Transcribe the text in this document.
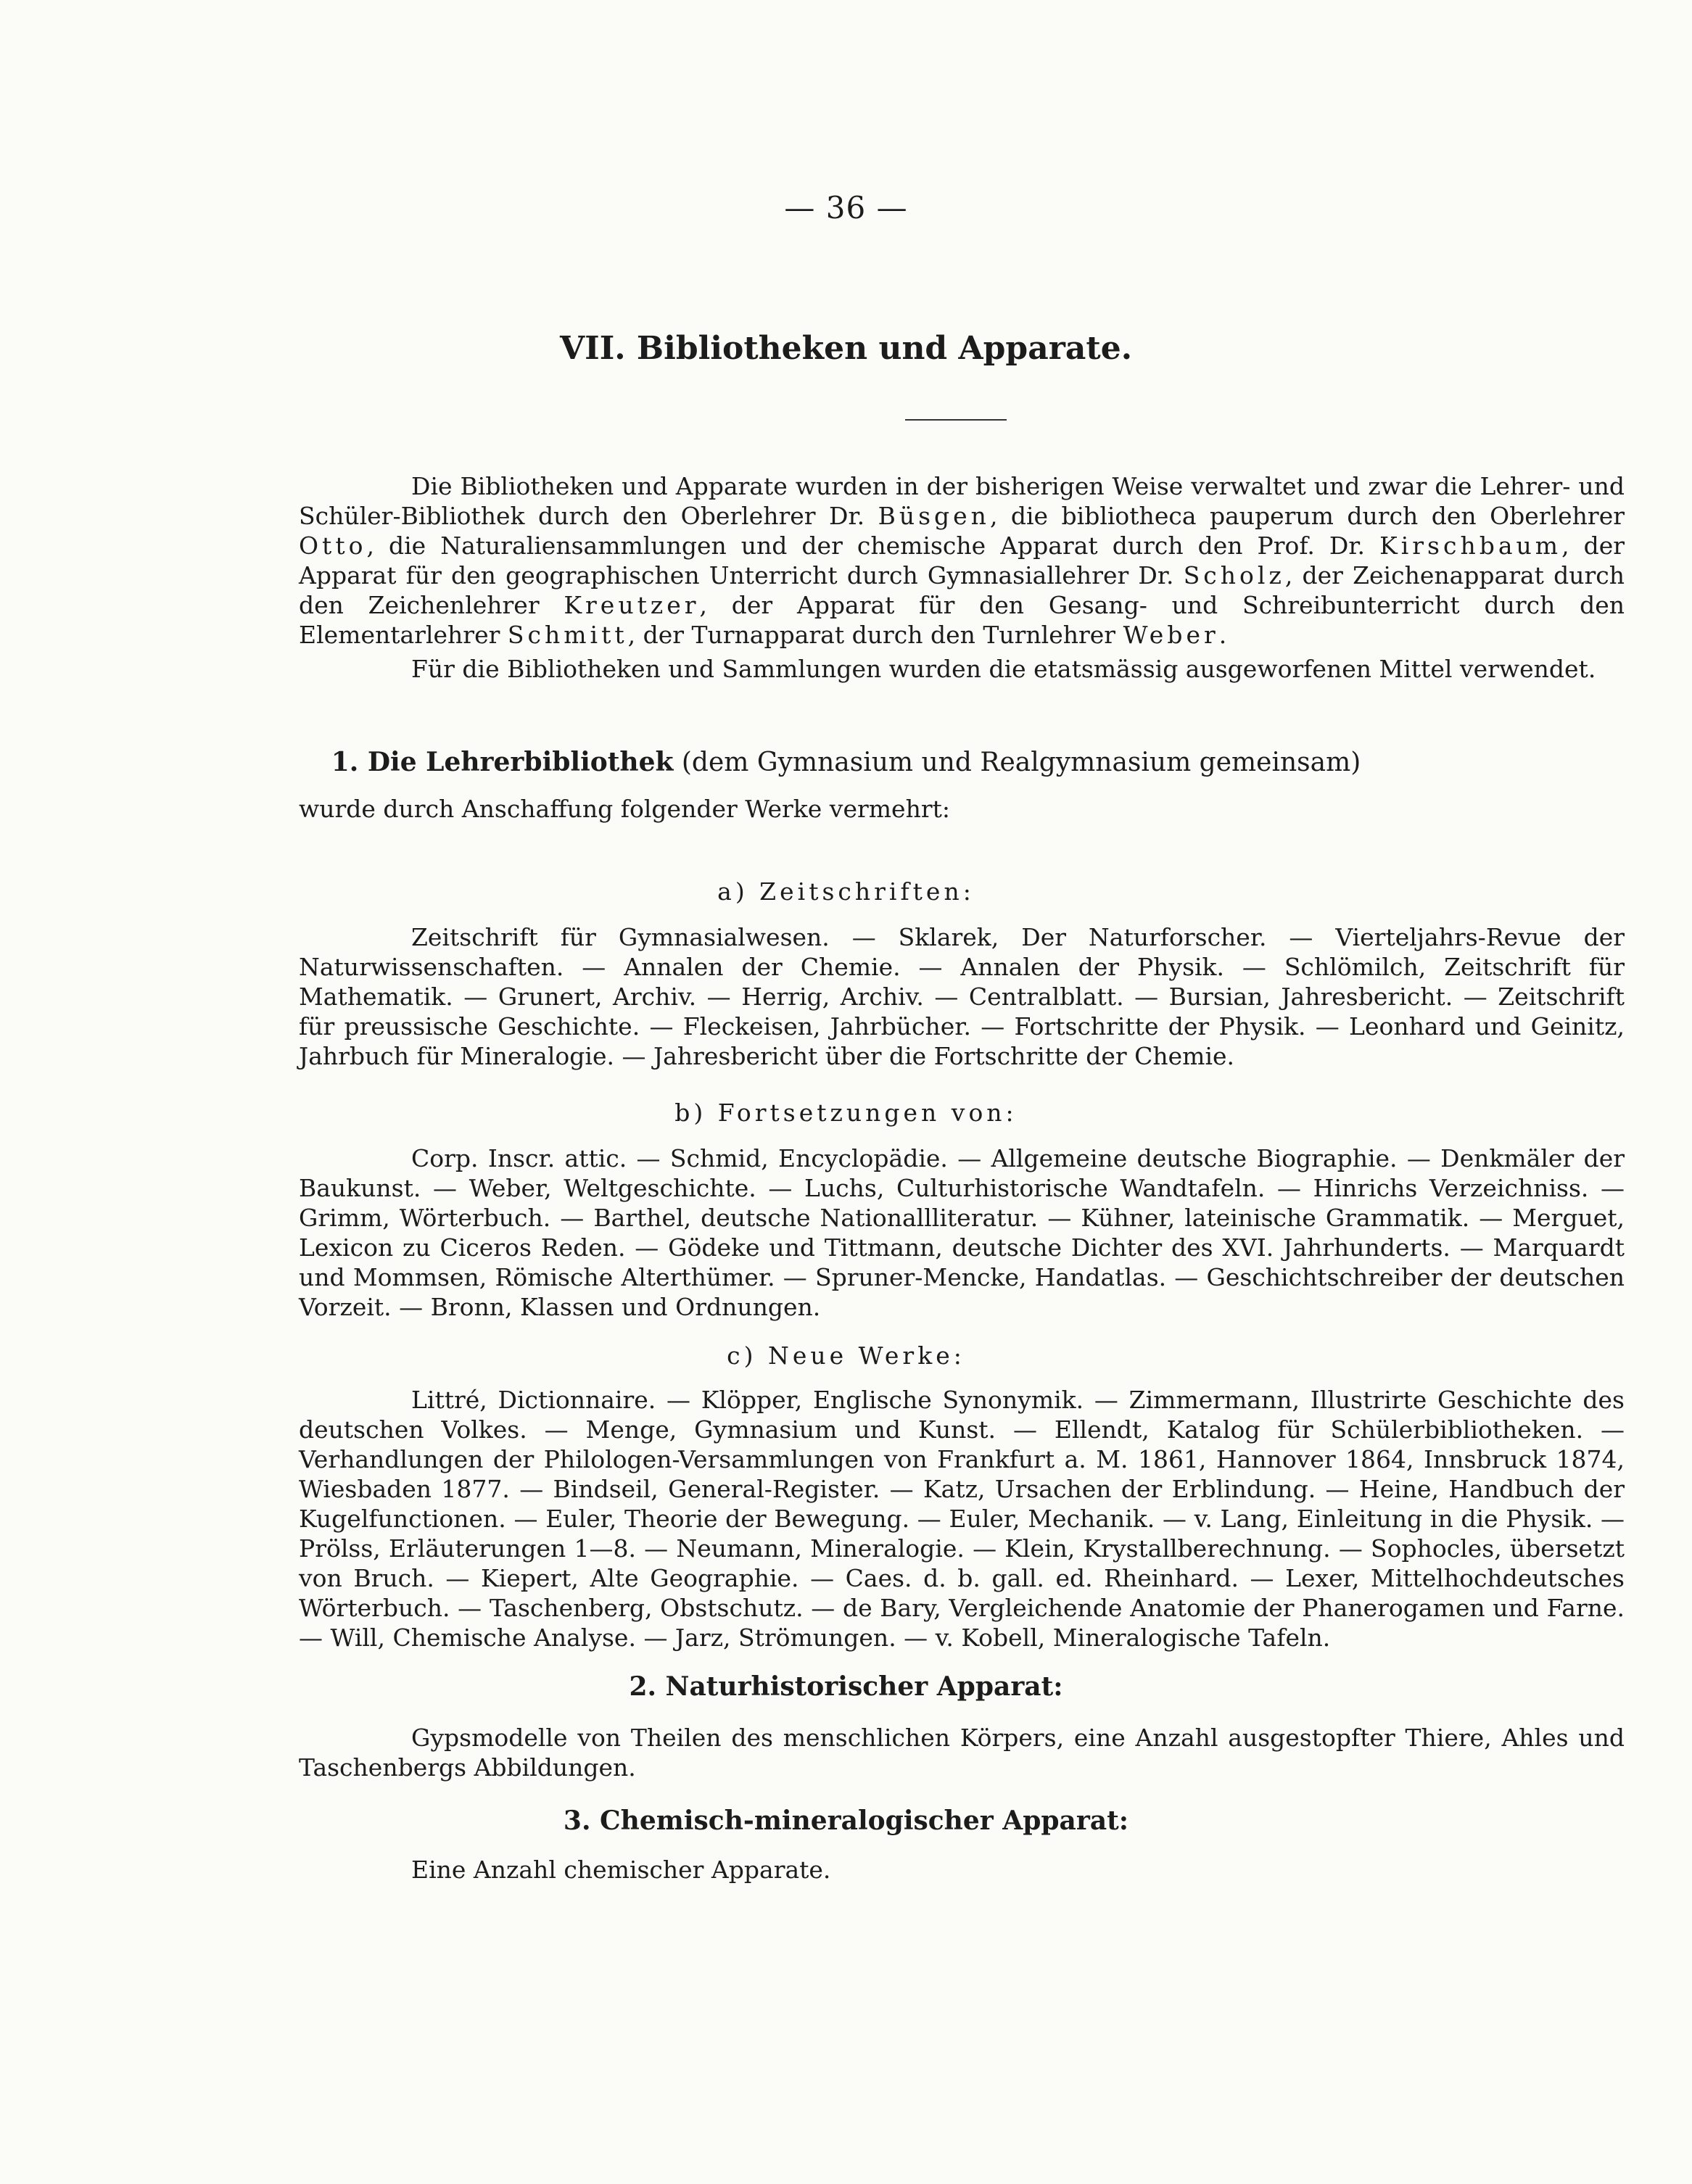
— 36 —
VII. Bibliotheken und Apparate.

Die Bibliotheken und Apparate wurden in der bisherigen Weise verwaltet und zwar die Lehrer- und Schüler-Bibliothek durch den Oberlehrer Dr. Büsgen, die bibliotheca pauperum durch den Oberlehrer Otto, die Naturaliensammlungen und der chemische Apparat durch den Prof. Dr. Kirschbaum, der Apparat für den geographischen Unterricht durch Gymnasiallehrer Dr. Scholz, der Zeichenapparat durch den Zeichenlehrer Kreutzer, der Apparat für den Gesang- und Schreibunterricht durch den Elementarlehrer Schmitt, der Turnapparat durch den Turnlehrer Weber.

Für die Bibliotheken und Sammlungen wurden die etatsmässig ausgeworfenen Mittel verwendet.

1. Die Lehrerbibliothek (dem Gymnasium und Realgymnasium gemeinsam)

wurde durch Anschaffung folgender Werke vermehrt:

a) Zeitschriften:

Zeitschrift für Gymnasialwesen. — Sklarek, Der Naturforscher. — Vierteljahrs-Revue der Naturwissenschaften. — Annalen der Chemie. — Annalen der Physik. — Schlömilch, Zeitschrift für Mathematik. — Grunert, Archiv. — Herrig, Archiv. — Centralblatt. — Bursian, Jahresbericht. — Zeitschrift für preussische Geschichte. — Fleckeisen, Jahrbücher. — Fortschritte der Physik. — Leonhard und Geinitz, Jahrbuch für Mineralogie. — Jahresbericht über die Fortschritte der Chemie.

b) Fortsetzungen von:

Corp. Inscr. attic. — Schmid, Encyclopädie. — Allgemeine deutsche Biographie. — Denkmäler der Baukunst. — Weber, Weltgeschichte. — Luchs, Culturhistorische Wandtafeln. — Hinrichs Verzeichniss. — Grimm, Wörterbuch. — Barthel, deutsche Nationallliteratur. — Kühner, lateinische Grammatik. — Merguet, Lexicon zu Ciceros Reden. — Gödeke und Tittmann, deutsche Dichter des XVI. Jahrhunderts. — Marquardt und Mommsen, Römische Alterthümer. — Spruner-Mencke, Handatlas. — Geschichtschreiber der deutschen Vorzeit. — Bronn, Klassen und Ordnungen.

c) Neue Werke:

Littré, Dictionnaire. — Klöpper, Englische Synonymik. — Zimmermann, Illustrirte Geschichte des deutschen Volkes. — Menge, Gymnasium und Kunst. — Ellendt, Katalog für Schülerbibliotheken. — Verhandlungen der Philologen-Versammlungen von Frankfurt a. M. 1861, Hannover 1864, Innsbruck 1874, Wiesbaden 1877. — Bindseil, General-Register. — Katz, Ursachen der Erblindung. — Heine, Handbuch der Kugelfunctionen. — Euler, Theorie der Bewegung. — Euler, Mechanik. — v. Lang, Einleitung in die Physik. — Prölss, Erläuterungen 1—8. — Neumann, Mineralogie. — Klein, Krystallberechnung. — Sophocles, übersetzt von Bruch. — Kiepert, Alte Geographie. — Caes. d. b. gall. ed. Rheinhard. — Lexer, Mittelhochdeutsches Wörterbuch. — Taschenberg, Obstschutz. — de Bary, Vergleichende Anatomie der Phanerogamen und Farne. — Will, Chemische Analyse. — Jarz, Strömungen. — v. Kobell, Mineralogische Tafeln.

2. Naturhistorischer Apparat:

Gypsmodelle von Theilen des menschlichen Körpers, eine Anzahl ausgestopfter Thiere, Ahles und Taschenbergs Abbildungen.

3. Chemisch-mineralogischer Apparat:

Eine Anzahl chemischer Apparate.
